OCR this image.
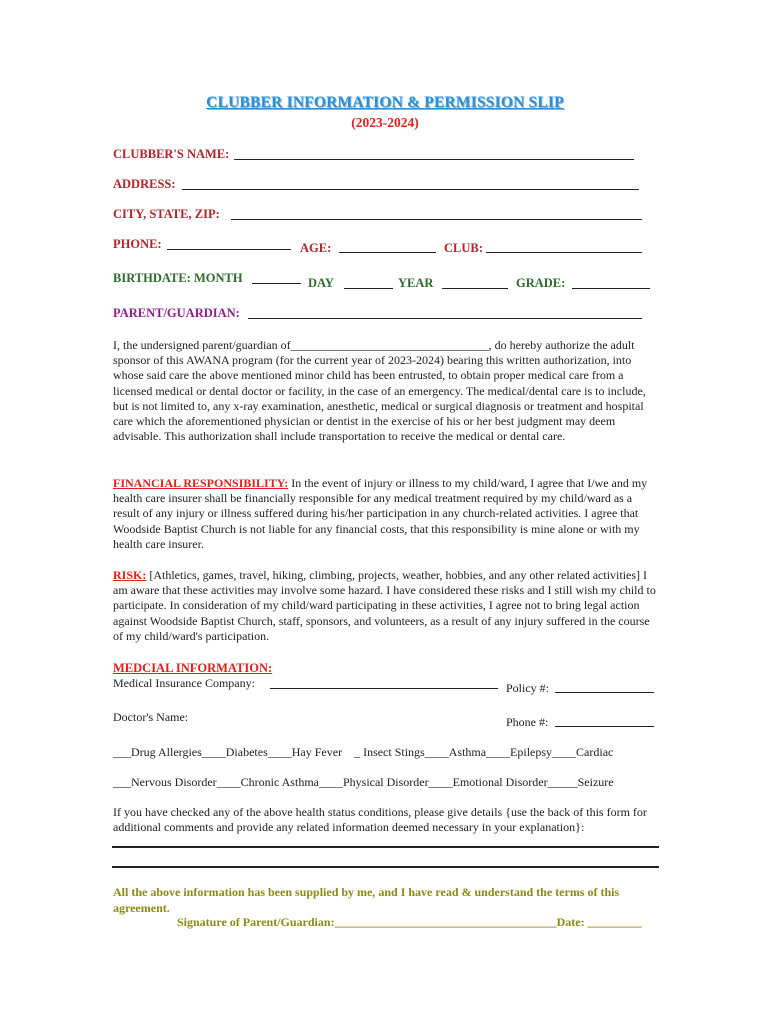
CLUBBER INFORMATION & PERMISSION SLIP
(2023-2024)
CLUBBER'S NAME:
ADDRESS:
CITY, STATE, ZIP:
PHONE:	AGE:	CLUB:
BIRTHDATE: MONTH	DAY	YEAR	GRADE:
PARENT/GUARDIAN:
I, the undersigned parent/guardian of_________________________________, do hereby authorize the adult sponsor of this AWANA program (for the current year of 2023-2024) bearing this written authorization, into whose said care the above mentioned minor child has been entrusted, to obtain proper medical care from a licensed medical or dental doctor or facility, in the case of an emergency. The medical/dental care is to include, but is not limited to, any x-ray examination, anesthetic, medical or surgical diagnosis or treatment and hospital care which the aforementioned physician or dentist in the exercise of his or her best judgment may deem advisable. This authorization shall include transportation to receive the medical or dental care.
FINANCIAL RESPONSIBILITY: In the event of injury or illness to my child/ward, I agree that I/we and my health care insurer shall be financially responsible for any medical treatment required by my child/ward as a result of any injury or illness suffered during his/her participation in any church-related activities. I agree that Woodside Baptist Church is not liable for any financial costs, that this responsibility is mine alone or with my health care insurer.
RISK: [Athletics, games, travel, hiking, climbing, projects, weather, hobbies, and any other related activities] I am aware that these activities may involve some hazard. I have considered these risks and I still wish my child to participate. In consideration of my child/ward participating in these activities, I agree not to bring legal action against Woodside Baptist Church, staff, sponsors, and volunteers, as a result of any injury suffered in the course of my child/ward's participation.
MEDCIAL INFORMATION:
Medical Insurance Company:	Policy #:
Doctor's Name:	Phone #:
___Drug Allergies____Diabetes____Hay Fever    _ Insect Stings____Asthma____Epilepsy____Cardiac
___Nervous Disorder____Chronic Asthma____Physical Disorder____Emotional Disorder_____Seizure
If you have checked any of the above health status conditions, please give details {use the back of this form for additional comments and provide any related information deemed necessary in your explanation}:
All the above information has been supplied by me, and I have read & understand the terms of this agreement.
Signature of Parent/Guardian:_____________________________________Date: _________
